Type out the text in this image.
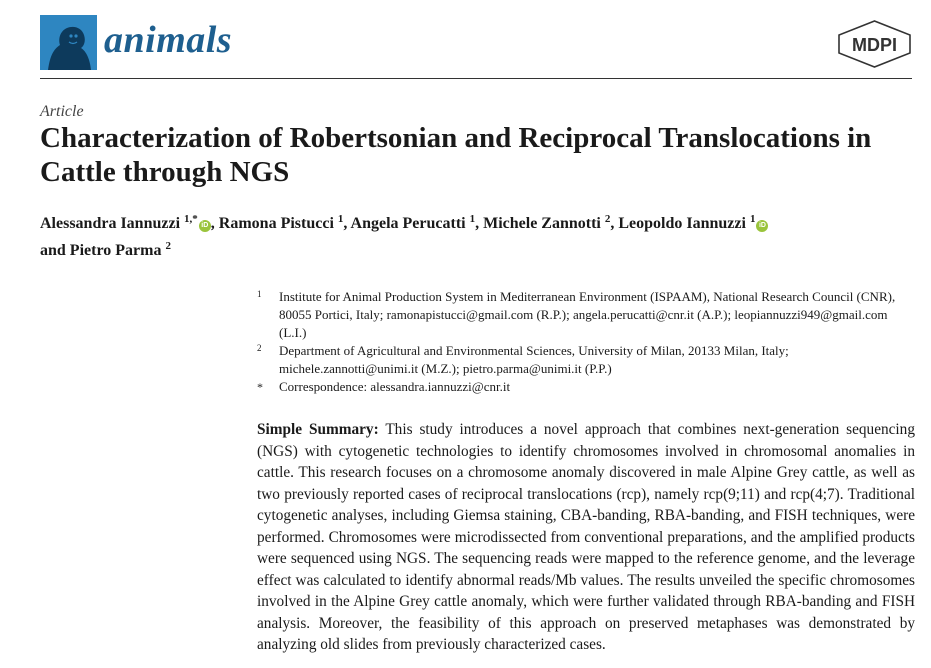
animals	MDPI
Article
Characterization of Robertsonian and Reciprocal Translocations in Cattle through NGS
Alessandra Iannuzzi $^{1,*}$iD , Ramona Pistucci $^1$, Angela Perucatti $^1$, Michele Zannotti $^2$, Leopoldo Iannuzzi $^1$iD
and Pietro Parma $^2$
1 Institute for Animal Production System in Mediterranean Environment (ISPAAM), National Research Council (CNR), 80055 Portici, Italy; ramonapistucci@gmail.com (R.P.); angela.perucatti@cnr.it (A.P.); leopiannuzzi949@gmail.com (L.I.)
2 Department of Agricultural and Environmental Sciences, University of Milan, 20133 Milan, Italy; michele.zannotti@unimi.it (M.Z.); pietro.parma@unimi.it (P.P.)
* Correspondence: alessandra.iannuzzi@cnr.it

Simple Summary: This study introduces a novel approach that combines next-generation sequencing (NGS) with cytogenetic technologies to identify chromosomes involved in chromosomal anomalies in cattle. This research focuses on a chromosome anomaly discovered in male Alpine Grey cattle, as well as two previously reported cases of reciprocal translocations (rcp), namely rcp(9;11) and rcp(4;7). Traditional cytogenetic analyses, including Giemsa staining, CBA-banding, RBA-banding, and FISH techniques, were performed. Chromosomes were microdissected from conventional preparations, and the amplified products were sequenced using NGS. The sequencing reads were mapped to the reference genome, and the leverage effect was calculated to identify abnormal reads/Mb values. The results unveiled the specific chromosomes involved in the Alpine Grey cattle anomaly, which were further validated through RBA-banding and FISH analysis. Moreover, the feasibility of this approach on preserved metaphases was demonstrated by analyzing old slides from previously characterized cases.
